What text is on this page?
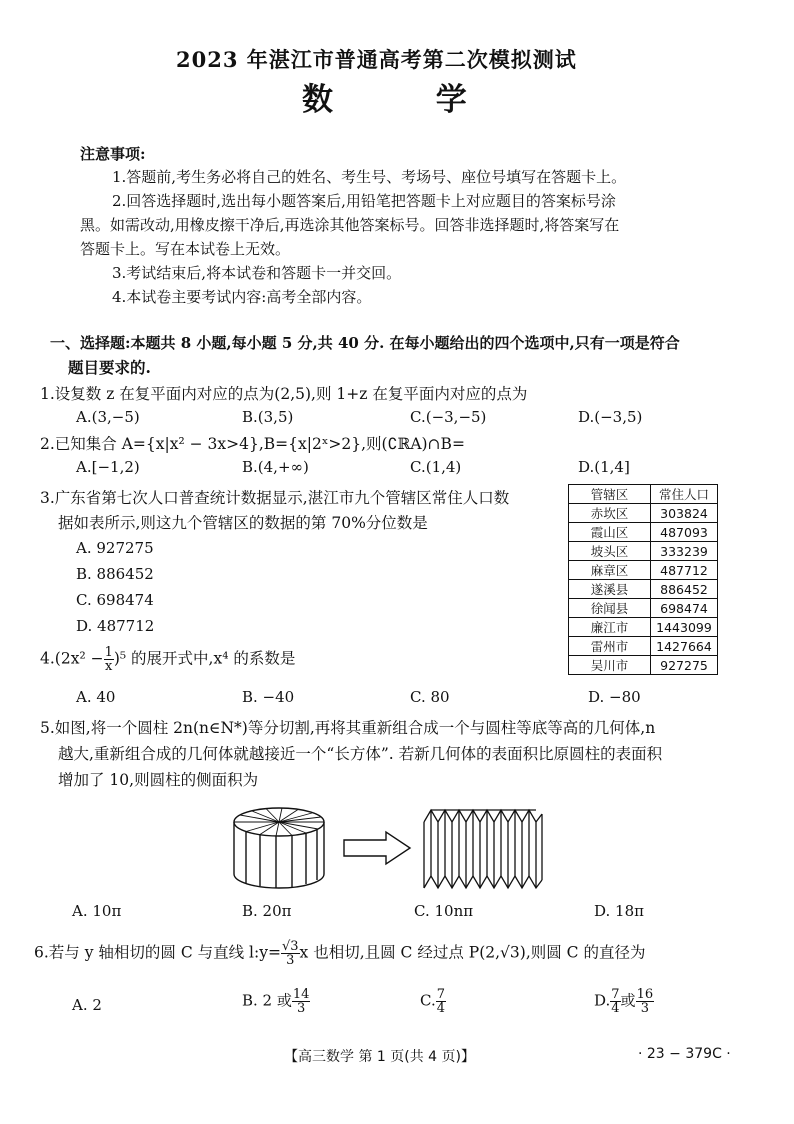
2023 年湛江市普通高考第二次模拟测试
数 学
注意事项:
1.答题前,考生务必将自己的姓名、考生号、考场号、座位号填写在答题卡上。
2.回答选择题时,选出每小题答案后,用铅笔把答题卡上对应题目的答案标号涂
黑。如需改动,用橡皮擦干净后,再选涂其他答案标号。回答非选择题时,将答案写在
答题卡上。写在本试卷上无效。
3.考试结束后,将本试卷和答题卡一并交回。
4.本试卷主要考试内容:高考全部内容。
一、选择题:本题共 8 小题,每小题 5 分,共 40 分. 在每小题给出的四个选项中,只有一项是符合
题目要求的.
1.设复数 z 在复平面内对应的点为(2,5),则 1+z 在复平面内对应的点为
A.(3,−5)	B.(3,5)	C.(−3,−5)	D.(−3,5)
2.已知集合 A={x|x² − 3x>4},B={x|2ˣ>2},则(∁ℝA)∩B=
A.[−1,2)	B.(4,+∞)	C.(1,4)	D.(1,4]
3.广东省第七次人口普查统计数据显示,湛江市九个管辖区常住人口数
据如表所示,则这九个管辖区的数据的第 70%分位数是
A. 927275
B. 886452
C. 698474
D. 487712
管辖区	常住人口
赤坎区	303824
霞山区	487093
坡头区	333239
麻章区	487712
遂溪县	886452
徐闻县	698474
廉江市	1443099
雷州市	1427664
吴川市	927275
$4.(2x^2 - \frac{1}{x} )^5$ 的展开式中,x⁴ 的系数是
A. 40	B. −40	C. 80	D. −80
5.如图,将一个圆柱 2n(n∈N*)等分切割,再将其重新组合成一个与圆柱等底等高的几何体,n
越大,重新组合成的几何体就越接近一个“长方体”. 若新几何体的表面积比原圆柱的表面积
增加了 10,则圆柱的侧面积为
A. 10π	B. 20π	C. 10nπ	D. 18π
6.若与 y 轴相切的圆 C 与直线 l:y= $\frac{√3}{3}$ x 也相切,且圆 C 经过点 P(2,√3),则圆 C 的直径为
A. 2	B. 2 或 $\frac{14}{3}$	C. $\frac{7}{4}$	D. $\frac{7}{4}$ 或 $\frac{16}{3}$
【高三数学 第 1 页(共 4 页)】	· 23 − 379C ·
